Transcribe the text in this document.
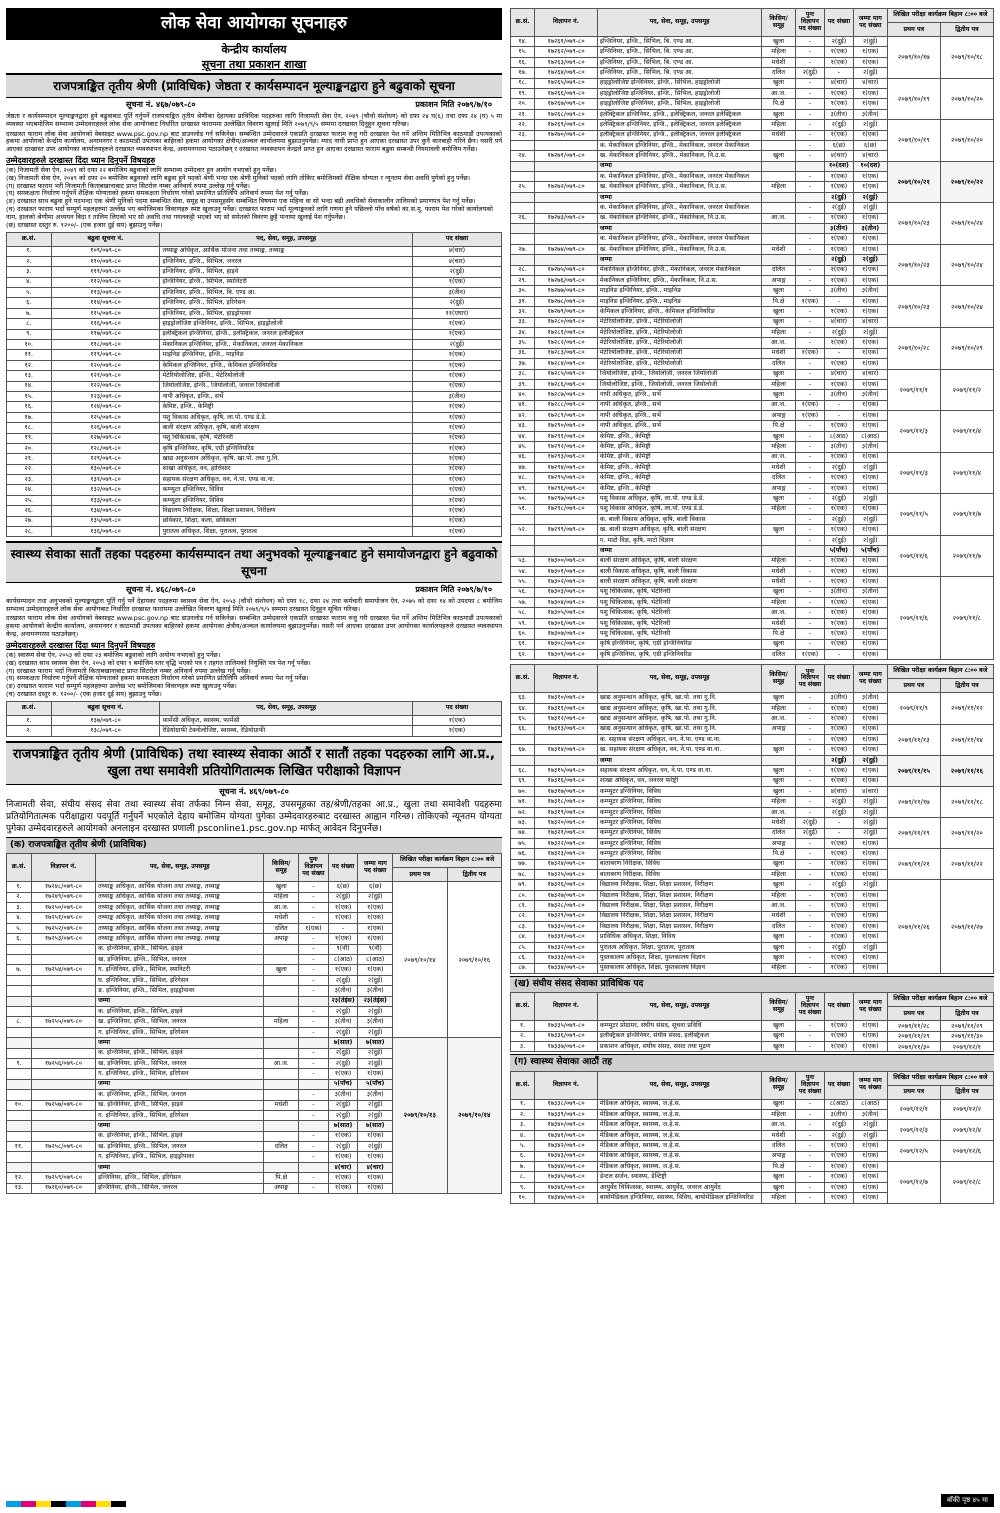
लोक सेवा आयोगका सूचनाहरु
केन्द्रीय कार्यालय
सूचना तथा प्रकाशन शाखा
राजपत्राङ्कित तृतीय श्रेणी (प्राविधिक) जेष्ठता र कार्यसम्पादन मूल्याङ्कनद्वारा हुने बढुवाको सूचना
सूचना नं. ४६७/०७९-८०	प्रकाशन मिति २०७९/७/१०
जेष्ठता र कार्यसम्पादन मूल्याङ्कनद्वारा हुने बढुवाबाट पूर्ति गर्नुपर्ने राजपत्राङ्कित तृतीय श्रेणीका देहायका प्राविधिक पदहरुका लागि निजामती सेवा ऐन, २०४९ (चौथो संशोधन) को दफा २४ घ(६) तथा दफा २४ (घ) ५ मा व्यवस्था भएबमोजिम सम्भाव्य उम्मेदवारहरुले लोक सेवा आयोगबाट निर्धारित दरखास्त फाराममा उल्लेखित विवरण खुलाई मिति २०७९/९/५ सम्ममा दरखास्त दिनुहुन सूचना गरिन्छ।
दरखास्त फाराम लोक सेवा आयोगको वेबसाइट www.psc.gov.np बाट डाउनलोड गर्न सकिनेछ। सम्बन्धित उम्मेदवारले एकप्रति दरखास्त फाराम रुजु गरी दरखास्त पेश गर्ने अन्तिम मितिभित्र काठमाडौं उपत्यकाको हकमा आयोगको केन्द्रीय कार्यालय, अनामनगर र काठमाडौं उपत्यका बाहिरको हकमा आयोगका क्षेत्रीय/अञ्चल कार्यालयमा बुझाउनुपर्नेछ। म्याद नाघी प्राप्त हुन आएका दरखास्त उपर कुनै कारबाही गरिने छैन। यसरी पर्न आएका दरखास्त उपर आयोगका कार्यालयहरुले दरखास्त व्यवस्थापन केन्द्र, अनामनगरमा पठाउनेछन् र दरखास्त व्यवस्थापन केन्द्रले प्राप्त हुन आएका दरखास्त फाराम बढुवा सम्बन्धी नियमावली बमोजिम गर्नेछ।
उम्मेदवारहरुले दरखास्त दिंदा ध्यान दिनुपर्ने विषयहरु
(क) निजामती सेवा ऐन, २०४९ को दफा २२ बमोजिम बढुवाको लागि सम्भाव्य उम्मेदवार हुन आयोग नभएको हुनु पर्नेछ।
(ख) निजामती सेवा ऐन, २०४९ को दफा २० बमोजिम बढुवाको लागि बढुवा हुने पदको श्रेणी भन्दा एक श्रेणी मुनिको पदको लागि तोकिए बमोजिमको शैक्षिक योग्यता र न्यूनतम सेवा अवधि पुगेको हुनु पर्नेछ।
(ग) दरखास्त फाराम भरी निजामती किताबखानाबाट प्राप्त सिटरोल नम्बर अनिवार्य रुपमा उल्लेख गर्नु पर्नेछ।
(घ) समकक्षता निर्धारण गर्नुपर्ने शैक्षिक योग्यताको हकमा समकक्षता निर्धारण गरेको प्रमाणित प्रतिलिपि अनिवार्य रुपमा पेश गर्नु पर्नेछ।
(ङ) दरखास्त साथ बढुवा हुने पदभन्दा एक श्रेणी मुनिको पदमा सम्बन्धित सेवा, समूह वा उपसमूहसँग सम्बन्धित विषयमा एक महिना वा सो भन्दा बढी अवधिको सेवाकालीन तालिमको प्रमाणपत्र पेश गर्नु पर्नेछ।
(च) दरखास्त फाराम भर्दा सम्पूर्ण महलहरुमा उल्लेख भए बमोजिमका विवरणहरु स्पष्ट खुलाउनु पर्नेछ। दरखास्त फाराम भर्दा मूल्याङ्कनको लागि गणना हुने पछिल्लो पाँच वर्षको का.स.मू. फाराम पेश गरेको कार्यालयको नाम, हालको श्रेणीमा अध्ययन बिदा र तालिम लिएको भए सो अवधि तथा गयलकट्टी भएको भए सो समेतको विवरण छुट्टै पानामा खुलाई पेश गर्नुपर्नेछ।
(छ) दरखास्त दस्तुर रु. १२००/- (एक हजार दुई सय) बुझाउनु पर्नेछ।
क्र.सं.	बढुवा सूचना नं.	पद, सेवा, समूह, उपसमूह	पद संख्या
१.	१०९/०७९-८०	तथ्याङ्क अधिकृत, आर्थिक योजना तथा तथ्याङ्क, तथ्याङ्क	४(चार)
२.	११०/०७९-८०	इन्जिनियर, इन्जि., सिभिल, जनरल	४(चार)
३.	१११/०७९-८०	इन्जिनियर, इन्जि., सिभिल, हाइवे	२(दुई)
४.	११२/०७९-८०	इन्जिनियर, इन्जि., सिभिल, स्यानिटरी	१(एक)
५.	११३/०७९-८०	इन्जिनियर, इन्जि., सिभिल, बि. एण्ड आ.	३(तीन)
६.	११४/०७९-८०	इन्जिनियर, इन्जि., सिभिल, इरिगेसन	२(दुई)
७.	११५/०७९-८०	इन्जिनियर, इन्जि., सिभिल, हाइड्रोपावर	११(एघार)
८.	११६/०७९-८०	हाइड्रोलोजिष्ट इन्जिनियर, इन्जि., सिभिल, हाइड्रोलोजी	१(एक)
९.	११७/०७९-८०	इलेक्ट्रिकल इन्जिनियर, इन्जि., इलेक्ट्रिकल, जनरल इलेक्ट्रिकल	१(एक)
१०.	११८/०७९-८०	मेकानिकल इन्जिनियर, इन्जि., मेकानिकल, जनरल मेकानिकल	२(दुई)
११.	११९/०७९-८०	माइनिङ इन्जिनियर, इन्जि., माइनिङ	१(एक)
१२.	१२०/०७९-८०	केमिकल इन्जिनियर, इन्जि., केमिकल इन्जिनियरिङ	१(एक)
१३.	१२१/०७९-८०	मेटेरियोलोजिष्ट, इन्जि., मेटेरियोलोजी	१(एक)
१४.	१२२/०७९-८०	जियोलोजिष्ट, इन्जि., जियोलोजी, जनरल जियोलोजी	१(एक)
१५.	१२३/०७९-८०	नापी अधिकृत, इन्जि., सर्भे	३(तीन)
१६.	१२४/०७९-८०	केमिष्ट, इन्जि., केमिष्ट्री	१(एक)
१७.	१२५/०७९-८०	पशु विकास अधिकृत, कृषि, ला.पो. एण्ड डे.डे.	१(एक)
१८.	१२६/०७९-८०	बाली संरक्षण अधिकृत, कृषि, बाली संरक्षण	१(एक)
१९.	१२७/०७९-८०	पशु चिकित्सक, कृषि, भेटेरिनरी	१(एक)
२०.	१२८/०७९-८०	कृषि इन्जिनियर, कृषि, एग्री इन्जिनियरिङ	१(एक)
२१.	१२९/०७९-८०	खाद्य अनुसन्धान अधिकृत, कृषि, खा.पो. तथा गु.नि.	१(एक)
२२.	१३०/०७९-८०	शाखा अधिकृत, वन, हात्तिसार	१(एक)
२३.	१३१/०७९-८०	सहायक संरक्षण अधिकृत, वन, ने.पा. एण्ड वा.ना.	१(एक)
२४.	१३२/०७९-८०	कम्प्युटर इन्जिनियर, विविध	१(एक)
२५.	१३३/०७९-८०	कम्प्युटर इन्जिनियर, विविध	१(एक)
२६.	१३४/०७९-८०	विद्यालय निरीक्षक, शिक्षा, शिक्षा प्रशासन, निरीक्षण	१(एक)
२७.	१३५/०७९-८०	छविकार, शिक्षा, कला, छविकला	१(एक)
२८.	१३६/०७९-८०	पुरातत्व अधिकृत, शिक्षा, पुरातत्व, पुरातत्व	१(एक)
स्वास्थ्य सेवाका सातौं तहका पदहरुमा कार्यसम्पादन तथा अनुभवको मूल्याङ्कनबाट हुने समायोजनद्वारा हुने बढुवाको सूचना
सूचना नं. ४६८/०७९-८०	प्रकाशन मिति २०७९/७/१०
कार्यसम्पादन तथा अनुभवको मूल्याङ्कनद्वारा पूर्ति गर्नु पर्ने देहायका पदहरुमा स्वास्थ्य सेवा ऐन, २०५३ (चौथो संशोधन) को दफा १८, दफा २४ तथा कर्मचारी समायोजन ऐन, २०७५ को दफा १४ को उपदफा ८ बमोजिम सम्भाव्य उम्मेदवारहरुले लोक सेवा आयोगबाट निर्धारित दरखास्त फाराममा उल्लेखित विवरण खुलाई मिति २०७९/९/५ सम्ममा दरखास्त दिनुहुन सूचित गरिन्छ।
दरखास्त फाराम लोक सेवा आयोगको वेबसाइट www.psc.gov.np बाट डाउनलोड गर्न सकिनेछ। सम्बन्धित उम्मेदवारले एकप्रति दरखास्त फाराम रुजु गरी दरखास्त पेश गर्ने अन्तिम मितिभित्र काठमाडौं उपत्यकाको हकमा आयोगको केन्द्रीय कार्यालय, अनामनगर र काठमाडौं उपत्यका बाहिरको हकमा आयोगका क्षेत्रीय/अञ्चल कार्यालयमा बुझाउनुपर्नेछ। यसरी पर्न आएका दरखास्त उपर आयोगका कार्यालयहरुले दरखास्त व्यवस्थापन केन्द्र, अनामनगरमा पठाउनेछन्।
उम्मेदवारहरुले दरखास्त दिंदा ध्यान दिनुपर्ने विषयहरु
(क) स्वास्थ्य सेवा ऐन, २०५३ को दफा २३ बमोजिम बढुवाको लागि अयोग्य नभएको हुनु पर्नेछ।
(ख) दरखास्त साथ स्वास्थ्य सेवा ऐन, २०५३ को दफा ९ बमोजिम स्तर वृद्धि भएको पत्र र तहगत तालिमको नियुक्ति पत्र पेश गर्नु पर्नेछ।
(ग) दरखास्त फाराम भर्दा निजामती किताबखानाबाट प्राप्त सिटरोल नम्बर अनिवार्य रुपमा उल्लेख गर्नु पर्नेछ।
(घ) समकक्षता निर्धारण गर्नुपर्ने शैक्षिक योग्यताको हकमा समकक्षता निर्धारण गरेको प्रमाणित प्रतिलिपि अनिवार्य रुपमा पेश गर्नु पर्नेछ।
(ङ) दरखास्त फाराम भर्दा सम्पूर्ण महलहरुमा उल्लेख भए बमोजिमका विवरणहरु स्पष्ट खुलाउनु पर्नेछ।
(च) दरखास्त दस्तुर रु. १२००/- (एक हजार दुई सय) बुझाउनु पर्नेछ।
क्र.सं.	बढुवा सूचना नं.	पद, सेवा, समूह, उपसमूह	पद संख्या
१.	१३७/०७९-८०	फार्मेसी अधिकृत, स्वास्थ्य, फार्मेसी	१(एक)
२.	१३८/०७९-८०	रेडियोग्राफी टेक्नोलोजिष्ट, स्वास्थ्य, रेडियोग्राफी	१(एक)
राजपत्राङ्कित तृतीय श्रेणी (प्राविधिक) तथा स्वास्थ्य सेवाका आठौं र सातौं तहका पदहरुका लागि आ.प्र., खुला तथा समावेशी प्रतियोगितात्मक लिखित परीक्षाको विज्ञापन
सूचना नं. ४६९/०७९-८०
निजामती सेवा, संघीय संसद सेवा तथा स्वास्थ्य सेवा तर्फका निम्न सेवा, समूह, उपसमूहका तह/श्रेणी/तहका आ.प्र., खुला तथा समावेशी पदहरुमा प्रतियोगितात्मक परीक्षाद्वारा पदपूर्ति गर्नुपर्ने भएकोले देहाय बमोजिम योग्यता पुगेका उम्मेदवारहरुबाट दरखास्त आह्वान गरिन्छ। तोकिएको न्यूनतम योग्यता पुगेका उम्मेदवारहरुले आयोगको अनलाइन दरखास्त प्रणाली psconline1.psc.gov.np मार्फत् आवेदन दिनुपर्नेछ।
(क) राजपत्राङ्कित तृतीय श्रेणी (प्राविधिक)
क्र.सं.	विज्ञापन नं.	पद, सेवा, समूह, उपसमूह	किसिम/समूह	पुनः विज्ञापन पद संख्या	पद संख्या	जम्मा माग पद संख्या	लिखित परीक्षा कार्यक्रम बिहान ८:०० बजे	
							प्रथम पत्र	द्वितीय पत्र
१.	१७२४८/०७९-८०	तथ्याङ्क अधिकृत, आर्थिक योजना तथा तथ्याङ्क, तथ्याङ्क	खुला	-	६(छ)	६(छ)	२०७९/१०/१४	२०७९/१०/१६
२.	१७२४९/०७९-८०	तथ्याङ्क अधिकृत, आर्थिक योजना तथा तथ्याङ्क, तथ्याङ्क	महिला	-	२(दुई)	२(दुई)		
३.	१७२५०/०७९-८०	तथ्याङ्क अधिकृत, आर्थिक योजना तथा तथ्याङ्क, तथ्याङ्क	आ.ज.	-	१(एक)	१(एक)		
४.	१७२५१/०७९-८०	तथ्याङ्क अधिकृत, आर्थिक योजना तथा तथ्याङ्क, तथ्याङ्क	मधेशी	-	१(एक)	१(एक)		
५.	१७२५२/०७९-८०	तथ्याङ्क अधिकृत, आर्थिक योजना तथा तथ्याङ्क, तथ्याङ्क	दलित	१(एक)	-	१(एक)		
६.	१७२५३/०७९-८०	तथ्याङ्क अधिकृत, आर्थिक योजना तथा तथ्याङ्क, तथ्याङ्क	अपाङ्ग	-	१(एक)	१(एक)		
		क. इन्जिनियर, इन्जि., सिभिल, हाइवे		-	९(नौ)	९(नौ)		
		ख. इन्जिनियर, इन्जि., सिभिल, जनरल		-	८(आठ)	८(आठ)		
७.	१७२५४/०७९-८०	ग. इन्जिनियर, इन्जि., सिभिल, स्यानिटरी	खुला	-	१(एक)	१(एक)		
		घ. इन्जिनियर, इन्जि., सिभिल, इरिगेसन		-	२(दुई)	२(दुई)		
		ङ. इन्जिनियर, इन्जि., सिभिल, हाइड्रोपावर		-	३(तीन)	३(तीन)		
		जम्मा			२३(तेईस)	२३(तेईस)		
		क. इन्जिनियर, इन्जि., सिभिल, हाइवे		-	२(दुई)	२(दुई)		
८.	१७२५५/०७९-८०	ख. इन्जिनियर, इन्जि., सिभिल, जनरल	महिला	-	३(तीन)	३(तीन)		
		ग. इन्जिनियर, इन्जि., सिभिल, इरिगेसन		-	२(दुई)	२(दुई)		
		जम्मा			७(सात)	७(सात)	२०७९/१०/१३	२०७९/१०/१४
		क. इन्जिनियर, इन्जि., सिभिल, हाइवे		-	२(दुई)	२(दुई)		
९.	१७२५६/०७९-८०	ख. इन्जिनियर, इन्जि., सिभिल, जनरल	आ.ज.	-	२(दुई)	२(दुई)		
		ग. इन्जिनियर, इन्जि., सिभिल, इरिगेसन		-	१(एक)	१(एक)		
		जम्मा			५(पाँच)	५(पाँच)		
		क. इन्जिनियर, इन्जि., सिभिल, जनरल		-	३(तीन)	३(तीन)		
१०.	१७२५७/०७९-८०	ख. इन्जिनियर, इन्जि., सिभिल, हाइवे	मधेशी	-	२(दुई)	२(दुई)		
		ग. इन्जिनियर, इन्जि., सिभिल, इरिगेसन		-	२(दुई)	२(दुई)		
		जम्मा			७(सात)	७(सात)		
		क. इन्जिनियर, इन्जि., सिभिल, हाइवे		-	१(एक)	१(एक)		
११.	१७२५८/०७९-८०	ख. इन्जिनियर, इन्जि., सिभिल, जनरल	दलित	-	२(दुई)	२(दुई)		
		ग. इन्जिनियर, इन्जि., सिभिल, हाइड्रोपावर		-	१(एक)	१(एक)		
		जम्मा			४(चार)	४(चार)		
१२.	१७२५९/०७९-८०	इन्जिनियर, इन्जि., सिभिल, इरिगेसन	पि.क्षे	-	१(एक)	१(एक)		
१३.	१७२६०/०७९-८०	इन्जिनियर, इन्जि., सिभिल, जनरल	अपाङ्ग	-	१(एक)	१(एक)		
क्र.सं.	विज्ञापन नं.	पद, सेवा, समूह, उपसमूह	किसिम/समूह	पुनः विज्ञापन पद संख्या	पद संख्या	जम्मा माग पद संख्या	लिखित परीक्षा कार्यक्रम बिहान ८:०० बजे	
							प्रथम पत्र	द्वितीय पत्र
१४.	१७२६१/०७९-८०	इन्जिनियर, इन्जि., सिभिल, बि. एण्ड आ.	खुला	-	२(दुई)	२(दुई)	२०७९/१०/१७	२०७९/१०/१८
१५.	१७२६२/०७९-८०	इन्जिनियर, इन्जि., सिभिल, बि. एण्ड आ.	महिला	-	१(एक)	१(एक)		
१६.	१७२६३/०७९-८०	इन्जिनियर, इन्जि., सिभिल, बि. एण्ड आ.	मधेशी	-	१(एक)	१(एक)		
१७.	१७२६४/०७९-८०	इन्जिनियर, इन्जि., सिभिल, बि. एण्ड आ.	दलित	२(दुई)	-	२(दुई)		
१८.	१७२६५/०७९-८०	हाइड्रोलोजिष्ट इन्जिनियर, इन्जि., सिभिल, हाइड्रोलोजी	खुला	-	४(चार)	४(चार)	२०७९/१०/१९	२०७९/१०/२०
१९.	१७२६६/०७९-८०	हाइड्रोलोजिष्ट इन्जिनियर, इन्जि., सिभिल, हाइड्रोलोजी	आ.ज.	-	१(एक)	१(एक)		
२०.	१७२६७/०७९-८०	हाइड्रोलोजिष्ट इन्जिनियर, इन्जि., सिभिल, हाइड्रोलोजी	पि.क्षे	-	१(एक)	१(एक)		
२१.	१७२६८/०७९-८०	इलेक्ट्रिकल इन्जिनियर, इन्जि., इलेक्ट्रिकल, जनरल इलेक्ट्रिकल	खुला	-	३(तीन)	३(तीन)		
२२.	१७२६९/०७९-८०	इलेक्ट्रिकल इन्जिनियर, इन्जि., इलेक्ट्रिकल, जनरल इलेक्ट्रिकल	महिला	-	२(दुई)	२(दुई)	२०७९/१०/१९	२०७९/१०/२०
२३.	१७२७०/०७९-८०	इलेक्ट्रिकल इन्जिनियर, इन्जि., इलेक्ट्रिकल, जनरल इलेक्ट्रिकल	मधेशी	-	१(एक)	१(एक)		
		क. मेकानिकल इन्जिनियर, इन्जि., मेकानिकल, जनरल मेकानिकल		-	६(छ)	६(छ)		
२४.	१७२७१/०७९-८०	ख. मेकानिकल इन्जिनियर, इन्जि., मेकानिकल, नि.उ.स.	खुला	-	४(चार)	४(चार)		
		जम्मा			१०(दश)	१०(दश)	२०७९/१०/२१	२०७९/१०/२२
		क. मेकानिकल इन्जिनियर, इन्जि., मेकानिकल, जनरल मेकानिकल		-	१(एक)	१(एक)		
२५.	१७२७२/०७९-८०	ख. मेकानिकल इन्जिनियर, इन्जि., मेकानिकल, नि.उ.स.	महिला	-	१(एक)	१(एक)		
		जम्मा			२(दुई)	२(दुई)		
		क. मेकानिकल इन्जिनियर, इन्जि., मेकानिकल, जनरल मेकानिकल		-	२(दुई)	२(दुई)	२०७९/१०/२३	२०७९/१०/२४
२६.	१७२७३/०७९-८०	ख. मेकानिकल इन्जिनियर, इन्जि., मेकानिकल, नि.उ.स.	आ.ज.	-	१(एक)	१(एक)		
		जम्मा			३(तीन)	३(तीन)		
		क. मेकानिकल इन्जिनियर, इन्जि., मेकानिकल, जनरल मेकानिकल		-	१(एक)	१(एक)		
२७.	१७२७४/०७९-८०	ख. मेकानिकल इन्जिनियर, इन्जि., मेकानिकल, नि.उ.स.	मधेशी	-	१(एक)	१(एक)	२०७९/१०/२३	२०७९/१०/२४
		जम्मा			२(दुई)	२(दुई)		
२८.	१७२७५/०७९-८०	मेकानिकल इन्जिनियर, इन्जि., मेकानिकल, जनरल मेकानिकल	दलित	-	१(एक)	१(एक)		
२९.	१७२७६/०७९-८०	मेकानिकल इन्जिनियर, इन्जि., मेकानिकल, नि.उ.स.	अपाङ्ग	-	१(एक)	१(एक)		
३०.	१७२७७/०७९-८०	माइनिङ इन्जिनियर, इन्जि., माइनिङ	खुला	-	३(तीन)	३(तीन)	२०७९/१०/२३	२०७९/१०/२४
३१.	१७२७८/०७९-८०	माइनिङ इन्जिनियर, इन्जि., माइनिङ	पि.क्षे	१(एक)	-	१(एक)		
३२.	१७२७९/०७९-८०	केमिकल इन्जिनियर, इन्जि., केमिकल इन्जिनियरिङ	खुला	-	१(एक)	१(एक)		
३३.	१७२८०/०७९-८०	मेटेरियोलोजिष्ट, इन्जि., मेटेरियोलोजी	खुला	-	४(चार)	४(चार)		
३४.	१७२८१/०७९-८०	मेटेरियोलोजिष्ट, इन्जि., मेटेरियोलोजी	महिला	-	२(दुई)	२(दुई)	२०७९/१०/२८	२०७९/१०/२९
३५.	१७२८२/०७९-८०	मेटेरियोलोजिष्ट, इन्जि., मेटेरियोलोजी	आ.ज.	-	१(एक)	१(एक)		
३६.	१७२८३/०७९-८०	मेटेरियोलोजिष्ट, इन्जि., मेटेरियोलोजी	मधेशी	१(एक)	-	१(एक)		
३७.	१७२८४/०७९-८०	मेटेरियोलोजिष्ट, इन्जि., मेटेरियोलोजी	दलित	-	१(एक)	१(एक)		
३८.	१७२८५/०७९-८०	जियोलोजिष्ट, इन्जि., जियोलोजी, जनरल जियोलोजी	खुला	-	४(चार)	४(चार)	२०७९/११/१	२०७९/११/२
३९.	१७२८६/०७९-८०	जियोलोजिष्ट, इन्जि., जियोलोजी, जनरल जियोलोजी	महिला	-	१(एक)	१(एक)		
४०.	१७२८७/०७९-८०	नापी अधिकृत, इन्जि., सर्भे	खुला	-	३(तीन)	३(तीन)		
४१.	१७२८८/०७९-८०	नापी अधिकृत, इन्जि., सर्भे	आ.ज.	१(एक)	-	१(एक)		
४२.	१७२८९/०७९-८०	नापी अधिकृत, इन्जि., सर्भे	अपाङ्ग	१(एक)	-	१(एक)	२०७९/११/३	२०७९/११/४
४३.	१७२९०/०७९-८०	नापी अधिकृत, इन्जि., सर्भे	पि.क्षे	-	१(एक)	१(एक)		
४४.	१७२९१/०७९-८०	केमिष्ट, इन्जि., केमिष्ट्री	खुला	-	८(आठ)	८(आठ)		
४५.	१७२९२/०७९-८०	केमिष्ट, इन्जि., केमिष्ट्री	महिला	-	३(तीन)	३(तीन)		
४६.	१७२९३/०७९-८०	केमिष्ट, इन्जि., केमिष्ट्री	आ.ज.	-	१(एक)	१(एक)	२०७९/११/३	२०७९/११/४
४७.	१७२९४/०७९-८०	केमिष्ट, इन्जि., केमिष्ट्री	मधेशी	-	२(दुई)	२(दुई)		
४८.	१७२९५/०७९-८०	केमिष्ट, इन्जि., केमिष्ट्री	दलित	-	१(एक)	१(एक)		
४९.	१७२९६/०७९-८०	केमिष्ट, इन्जि., केमिष्ट्री	अपाङ्ग	-	१(एक)	१(एक)		
५०.	१७२९७/०७९-८०	पशु विकास अधिकृत, कृषि, ला.पो. एण्ड डे.डे.	खुला	-	२(दुई)	२(दुई)	२०७९/११/५	२०७९/११/७
५१.	१७२९८/०७९-८०	पशु विकास अधिकृत, कृषि, ला.पो. एण्ड डे.डे.	महिला	-	१(एक)	१(एक)		
		क. बाली विकास अधिकृत, कृषि, बाली विकास		-	२(दुई)	२(दुई)		
५२.	१७२९९/०७९-८०	ख. बाली संरक्षण अधिकृत, कृषि, बाली संरक्षण	खुला	-	१(एक)	१(एक)		
		ग. माटो विज्ञ, कृषि, माटो विज्ञान		-	२(दुई)	२(दुई)	२०७९/११/६	२०७९/११/७
		जम्मा			५(पाँच)	५(पाँच)		
५३.	१७३००/०७९-८०	बाली संरक्षण अधिकृत, कृषि, बाली संरक्षण	महिला	-	१(एक)	१(एक)		
५४.	१७३०१/०७९-८०	बाली विकास अधिकृत, कृषि, बाली विकास	मधेशी	-	१(एक)	१(एक)		
५५.	१७३०२/०७९-८०	बाली संरक्षण अधिकृत, कृषि, बाली संरक्षण	मधेशी	-	१(एक)	१(एक)	२०७९/११/६	२०७९/११/८
५६.	१७३०३/०७९-८०	पशु चिकित्सक, कृषि, भेटेरिनरी	खुला	-	३(तीन)	३(तीन)		
५७.	१७३०४/०७९-८०	पशु चिकित्सक, कृषि, भेटेरिनरी	महिला	-	१(एक)	१(एक)		
५८.	१७३०५/०७९-८०	पशु चिकित्सक, कृषि, भेटेरिनरी	आ.ज.	-	१(एक)	१(एक)		
५९.	१७३०६/०७९-८०	पशु चिकित्सक, कृषि, भेटेरिनरी	मधेशी	-	१(एक)	१(एक)		
६०.	१७३०७/०७९-८०	पशु चिकित्सक, कृषि, भेटेरिनरी	पि.क्षे	-	१(एक)	१(एक)		
६१.	१७३०८/०७९-८०	कृषि इन्जिनियर, कृषि, एग्री इन्जिनियरिङ	खुला	-	१(एक)	१(एक)		
६२.	१७३०९/०७९-८०	कृषि इन्जिनियर, कृषि, एग्री इन्जिनियरिङ	दलित	१(एक)	-	१(एक)		
क्र.सं.	विज्ञापन नं.	पद, सेवा, समूह, उपसमूह	किसिम/समूह	पुनः विज्ञापन पद संख्या	पद संख्या	जम्मा माग पद संख्या	लिखित परीक्षा कार्यक्रम बिहान ८:०० बजे	
							प्रथम पत्र	द्वितीय पत्र
६३.	१७३१०/०७९-८०	खाद्य अनुसन्धान अधिकृत, कृषि, खा.पो. तथा गु.नि.	खुला	-	३(तीन)	३(तीन)	२०७९/११/९	२०७९/११/१२
६४.	१७३११/०७९-८०	खाद्य अनुसन्धान अधिकृत, कृषि, खा.पो. तथा गु.नि.	महिला	-	१(एक)	१(एक)		
६५.	१७३१२/०७९-८०	खाद्य अनुसन्धान अधिकृत, कृषि, खा.पो. तथा गु.नि.	आ.ज.	-	१(एक)	१(एक)		
६६.	१७३१३/०७९-८०	खाद्य अनुसन्धान अधिकृत, कृषि, खा.पो. तथा गु.नि.	अपाङ्ग	-	१(एक)	१(एक)	२०७९/११/१३	२०७९/११/१४
		क. सहायक संरक्षण अधिकृत, वन, ने.पा. एण्ड वा.ना.		-	१(एक)	१(एक)		
६७.	१७३१४/०७९-८०	ख. सहायक संरक्षण अधिकृत, वन, ने.पा. एण्ड वा.ना.	खुला	-	१(एक)	१(एक)		
		जम्मा			२(दुई)	२(दुई)	२०७९/११/१५	२०७९/११/१६
६८.	१७३१५/०७९-८०	सहायक संरक्षण अधिकृत, वन, ने.पा. एण्ड वा.ना.	खुला	-	१(एक)	१(एक)		
६९.	१७३१६/०७९-८०	शाखा अधिकृत, वन, जनरल फरेष्ट्री	खुला	-	१(एक)	१(एक)		
७०.	१७३१७/०७९-८०	कम्प्युटर इन्जिनियर, विविध	खुला	-	४(चार)	४(चार)	२०७९/११/१७	२०७९/११/१८
७१.	१७३१८/०७९-८०	कम्प्युटर इन्जिनियर, विविध	महिला	-	२(दुई)	२(दुई)		
७२.	१७३१९/०७९-८०	कम्प्युटर इन्जिनियर, विविध	आ.ज.	-	२(दुई)	२(दुई)		
७३.	१७३२०/०७९-८०	कम्प्युटर इन्जिनियर, विविध	मधेशी	२(दुई)	-	२(दुई)	२०७९/११/१९	२०७९/११/२०
७४.	१७३२१/०७९-८०	कम्प्युटर इन्जिनियर, विविध	दलित	२(दुई)	-	२(दुई)		
७५.	१७३२२/०७९-८०	कम्प्युटर इन्जिनियर, विविध	अपाङ्ग	-	१(एक)	१(एक)		
७६.	१७३२३/०७९-८०	कम्प्युटर इन्जिनियर, विविध	पि.क्षे	-	१(एक)	१(एक)	२०७९/११/२१	२०७९/११/२२
७७.	१७३२४/०७९-८०	बाताबरण निरीक्षक, विविध	खुला	-	१(एक)	१(एक)		
७८.	१७३२५/०७९-८०	बाताबरण निरीक्षक, विविध	महिला	-	१(एक)	१(एक)		
७९.	१७३२६/०७९-८०	विद्यालय निरीक्षक, शिक्षा, शिक्षा प्रशासन, निरीक्षण	खुला	-	२(दुई)	२(दुई)	२०७९/११/२६	२०७९/११/२७
८०.	१७३२७/०७९-८०	विद्यालय निरीक्षक, शिक्षा, शिक्षा प्रशासन, निरीक्षण	महिला	-	१(एक)	१(एक)		
८१.	१७३२८/०७९-८०	विद्यालय निरीक्षक, शिक्षा, शिक्षा प्रशासन, निरीक्षण	आ.ज.	-	१(एक)	१(एक)		
८२.	१७३२९/०७९-८०	विद्यालय निरीक्षक, शिक्षा, शिक्षा प्रशासन, निरीक्षण	मधेशी	-	१(एक)	१(एक)		
८३.	१७३३०/०७९-८०	विद्यालय निरीक्षक, शिक्षा, शिक्षा प्रशासन, निरीक्षण	दलित	-	१(एक)	१(एक)		
८४.	१७३३१/०७९-८०	प्राविधिक अधिकृत, शिक्षा, विविध	खुला	-	१(एक)	१(एक)		
८५.	१७३३२/०७९-८०	पुरातत्व अधिकृत, शिक्षा, पुरातत्व, पुरातत्व	खुला	-	२(दुई)	२(दुई)		
८६.	१७३३३/०७९-८०	पुस्तकालय अधिकृत, शिक्षा, पुस्तकालय विज्ञान	खुला	-	१(एक)	१(एक)		
८७.	१७३३४/०७९-८०	पुस्तकालय अधिकृत, शिक्षा, पुस्तकालय विज्ञान	महिला	-	१(एक)	१(एक)		
(ख) संघीय संसद सेवाका प्राविधिक पद
क्र.सं.	विज्ञापन नं.	पद, सेवा, समूह, उपसमूह	किसिम/समूह	पुनः विज्ञापन पद संख्या	पद संख्या	जम्मा माग पद संख्या	लिखित परीक्षा कार्यक्रम बिहान ८:०० बजे	
							प्रथम पत्र	द्वितीय पत्र
१.	१७३३५/०७९-८०	कम्प्युटर प्रोग्रामर, संघीय संसद, सूचना प्रविधि	खुला	-	१(एक)	१(एक)	२०७९/११/२८	२०७९/११/२९
२.	१७३३६/०७९-८०	इलेक्ट्रिकल इन्जिनियर, संघीय संसद, इलेक्ट्रिकल	खुला	-	१(एक)	१(एक)	२०७९/११/२९	२०७९/११/३०
३.	१७३३७/०७९-८०	प्रकाशन अधिकृत, संघीय संसद, संसद तथा मुद्रण	खुला	-	१(एक)	१(एक)	२०७९/११/३०	२०७९/१२/१
(ग) स्वास्थ्य सेवाका आठौं तह
क्र.सं.	विज्ञापन नं.	पद, सेवा, समूह, उपसमूह	किसिम/समूह	पुनः विज्ञापन पद संख्या	पद संख्या	जम्मा माग पद संख्या	लिखित परीक्षा कार्यक्रम बिहान ८:०० बजे	
							प्रथम पत्र	द्वितीय पत्र
१.	१७३३८/०७९-८०	मेडिकल अधिकृत, स्वास्थ्य, ज.हे.स.	खुला	-	८(आठ)	८(आठ)	२०७९/१२/१	२०७९/१२/२
२.	१७३३९/०७९-८०	मेडिकल अधिकृत, स्वास्थ्य, ज.हे.स.	महिला	-	३(तीन)	३(तीन)		
३.	१७३४०/०७९-८०	मेडिकल अधिकृत, स्वास्थ्य, ज.हे.स.	आ.ज.	-	२(दुई)	२(दुई)	२०७९/१२/३	२०७९/१२/४
४.	१७३४१/०७९-८०	मेडिकल अधिकृत, स्वास्थ्य, ज.हे.स.	मधेशी	-	२(दुई)	२(दुई)		
५.	१७३४२/०७९-८०	मेडिकल अधिकृत, स्वास्थ्य, ज.हे.स.	दलित	-	१(एक)	१(एक)	२०७९/१२/५	२०७९/१२/६
६.	१७३४३/०७९-८०	मेडिकल अधिकृत, स्वास्थ्य, ज.हे.स.	अपाङ्ग	-	१(एक)	१(एक)		
७.	१७३४४/०७९-८०	मेडिकल अधिकृत, स्वास्थ्य, ज.हे.स.	पि.क्षे	-	१(एक)	१(एक)	२०७९/१२/७	२०७९/१२/८
८.	१७३४५/०७९-८०	डेन्टल सर्जन, स्वास्थ्य, डेन्टिष्ट्री	खुला	-	१(एक)	१(एक)		
९.	१७३४६/०७९-८०	आयुर्वेद चिकित्सक, स्वास्थ्य, आयुर्वेद, जनरल आयुर्वेद	खुला	-	१(एक)	१(एक)		
१०.	१७३४७/०७९-८०	बायोमेडिकल इन्जिनियर, स्वास्थ्य, विविध, बायोमेडिकल इन्जिनियरिङ	महिला	-	१(एक)	१(एक)		
बाँकी पृष्ठ ४५ मा
